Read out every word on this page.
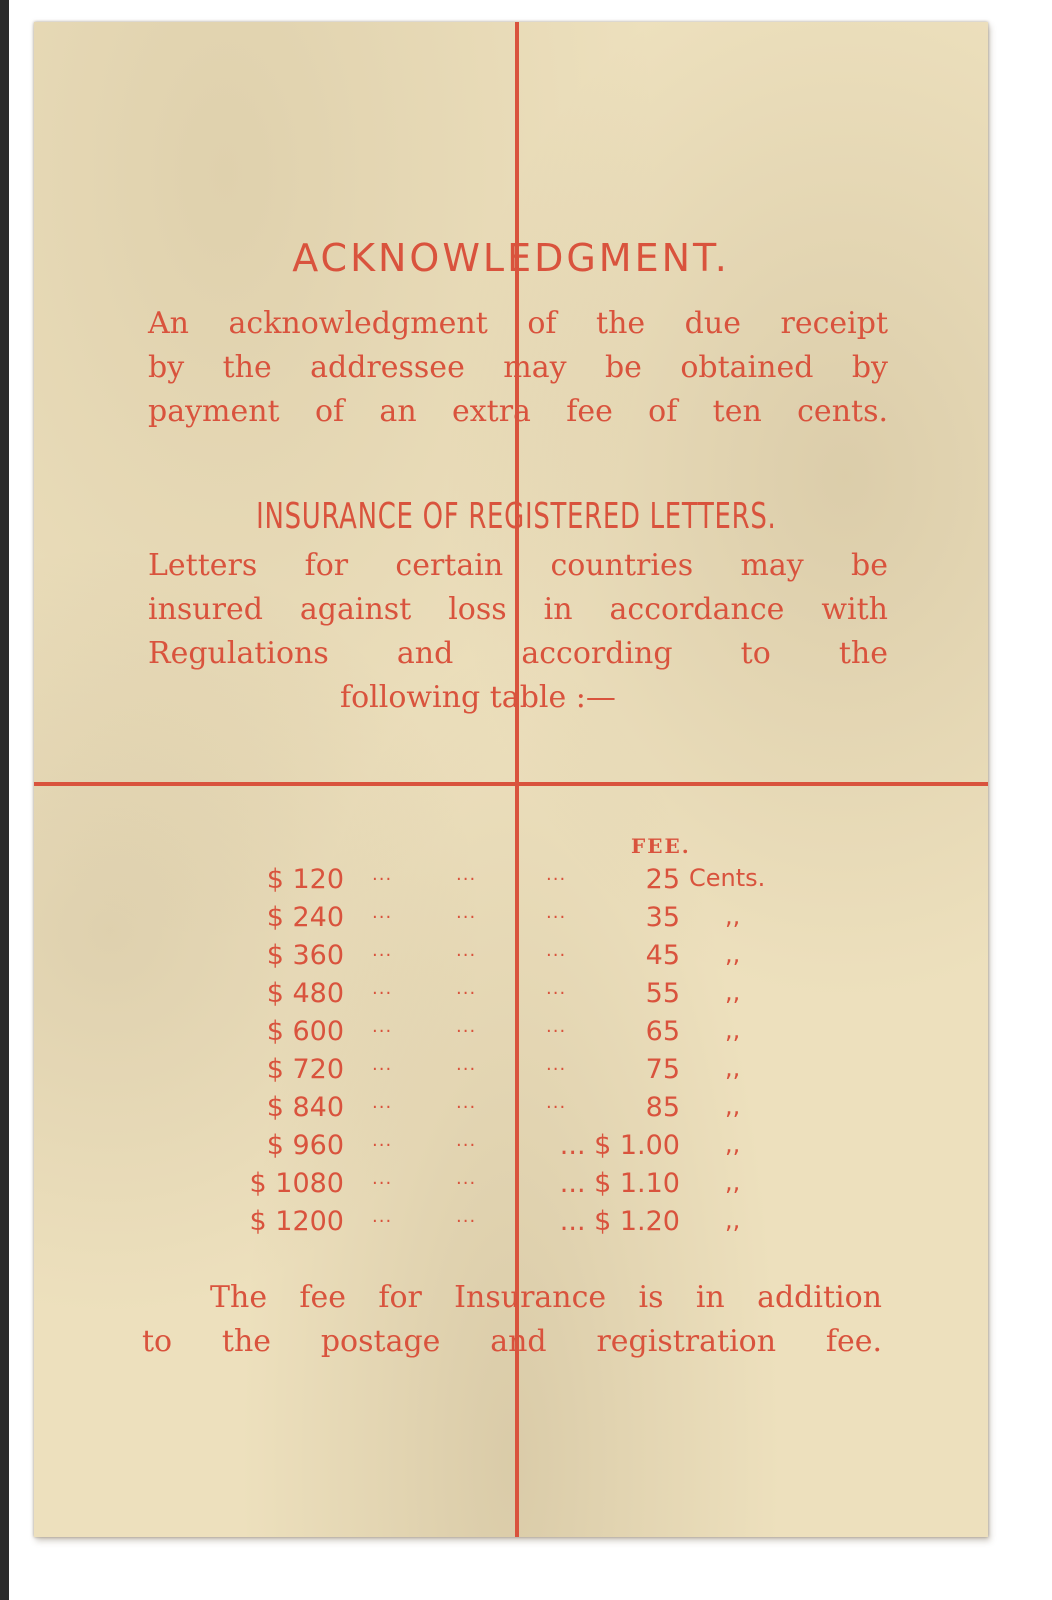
ACKNOWLEDGMENT.
An acknowledgment of the due receipt
by the addressee may be obtained by
payment of an extra fee of ten cents.
INSURANCE OF REGISTERED LETTERS.
Letters for certain countries may be
insured against loss in accordance with
Regulations and according to the
following table :—
FEE.
$ 120 ...	...	...	25 Cents.
$ 240 ...	...	...	35 ,,
$ 360 ...	...	...	45 ,,
$ 480 ...	...	...	55 ,,
$ 600 ...	...	...	65 ,,
$ 720 ...	...	...	75 ,,
$ 840 ...	...	...	85 ,,
$ 960 ...	...	... $ 1.00 ,,
$ 1080 ...	...	... $ 1.10 ,,
$ 1200 ...	...	... $ 1.20 ,,
The fee for Insurance is in addition
to the postage and registration fee.
